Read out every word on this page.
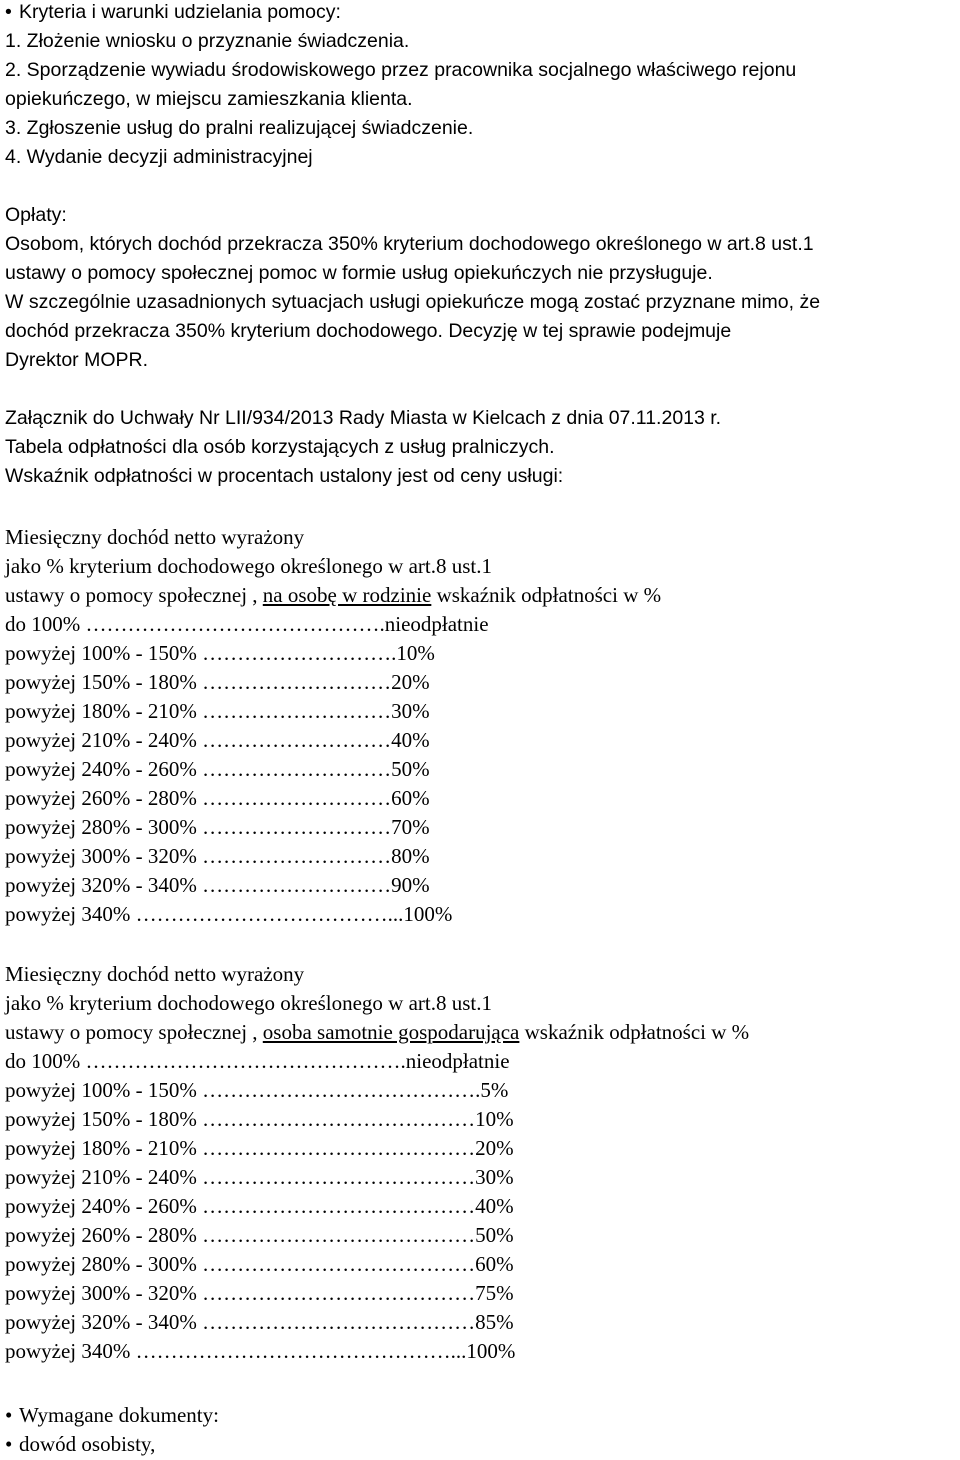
• Kryteria i warunki udzielania pomocy:
1. Złożenie wniosku o przyznanie świadczenia.
2. Sporządzenie wywiadu środowiskowego przez pracownika socjalnego właściwego rejonu
opiekuńczego, w miejscu zamieszkania klienta.
3. Zgłoszenie usług do pralni realizującej świadczenie.
4. Wydanie decyzji administracyjnej
Opłaty:
Osobom, których dochód przekracza 350% kryterium dochodowego określonego w art.8 ust.1
ustawy o pomocy społecznej pomoc w formie usług opiekuńczych nie przysługuje.
W szczególnie uzasadnionych sytuacjach usługi opiekuńcze mogą zostać przyznane mimo, że
dochód przekracza 350% kryterium dochodowego. Decyzję w tej sprawie podejmuje
Dyrektor MOPR.
Załącznik do Uchwały Nr LII/934/2013 Rady Miasta w Kielcach z dnia 07.11.2013 r.
Tabela odpłatności dla osób korzystających z usług pralniczych.
Wskaźnik odpłatności w procentach ustalony jest od ceny usługi:
Miesięczny dochód netto wyrażony
jako % kryterium dochodowego określonego w art.8 ust.1
ustawy o pomocy społecznej , na osobę w rodzinie wskaźnik odpłatności w %
do 100% …………………………………….nieodpłatnie
powyżej 100% - 150% ……………………….10%
powyżej 150% - 180% ………………………20%
powyżej 180% - 210% ………………………30%
powyżej 210% - 240% ………………………40%
powyżej 240% - 260% ………………………50%
powyżej 260% - 280% ………………………60%
powyżej 280% - 300% ………………………70%
powyżej 300% - 320% ………………………80%
powyżej 320% - 340% ………………………90%
powyżej 340% ………………………………...100%
Miesięczny dochód netto wyrażony
jako % kryterium dochodowego określonego w art.8 ust.1
ustawy o pomocy społecznej , osoba samotnie gospodarująca wskaźnik odpłatności w %
do 100% ……………………………………….nieodpłatnie
powyżej 100% - 150% ………………………………….5%
powyżej 150% - 180% …………………………………10%
powyżej 180% - 210% …………………………………20%
powyżej 210% - 240% …………………………………30%
powyżej 240% - 260% …………………………………40%
powyżej 260% - 280% …………………………………50%
powyżej 280% - 300% …………………………………60%
powyżej 300% - 320% …………………………………75%
powyżej 320% - 340% …………………………………85%
powyżej 340% ………………………………………...100%
• Wymagane dokumenty:
• dowód osobisty,
